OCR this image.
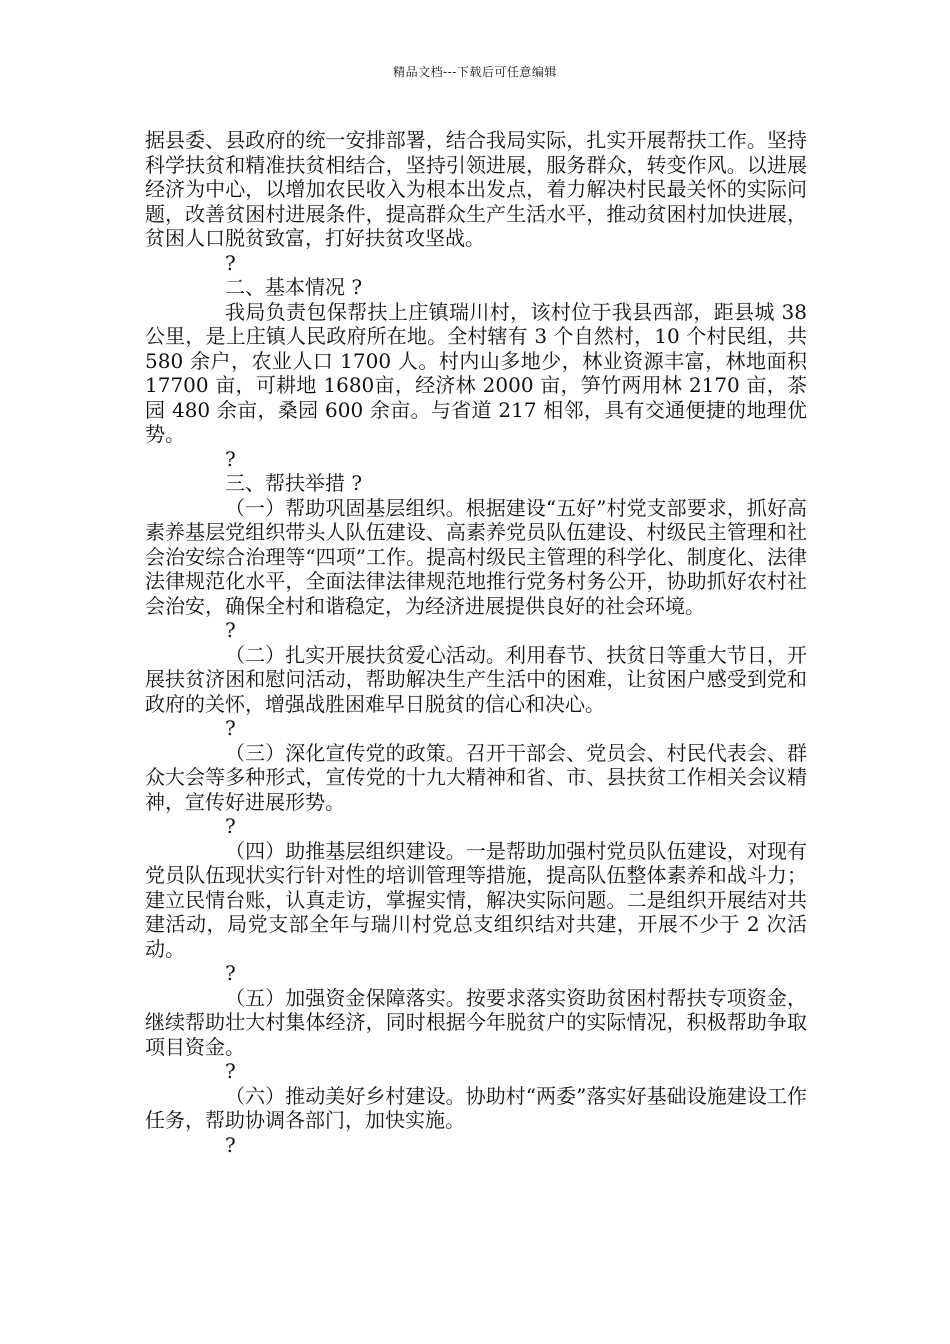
精品文档---下载后可任意编辑

据县委、县政府的统一安排部署，结合我局实际，扎实开展帮扶工作。坚持科学扶贫和精准扶贫相结合，坚持引领进展，服务群众，转变作风。以进展经济为中心，以增加农民收入为根本出发点，着力解决村民最关怀的实际问题，改善贫困村进展条件，提高群众生产生活水平，推动贫困村加快进展，贫困人口脱贫致富，打好扶贫攻坚战。

?

二、基本情况 ?

我局负责包保帮扶上庄镇瑞川村，该村位于我县西部，距县城 38 公里，是上庄镇人民政府所在地。全村辖有 3 个自然村，10 个村民组，共 580 余户，农业人口 1700 人。村内山多地少，林业资源丰富，林地面积 17700 亩，可耕地 1680亩，经济林 2000 亩，笋竹两用林 2170 亩，茶园 480 余亩，桑园 600 余亩。与省道 217 相邻，具有交通便捷的地理优势。

?

三、帮扶举措 ?

（一）帮助巩固基层组织。根据建设“五好”村党支部要求，抓好高素养基层党组织带头人队伍建设、高素养党员队伍建设、村级民主管理和社会治安综合治理等“四项”工作。提高村级民主管理的科学化、制度化、法律法律规范化水平，全面法律法律规范地推行党务村务公开，协助抓好农村社会治安，确保全村和谐稳定，为经济进展提供良好的社会环境。

?

（二）扎实开展扶贫爱心活动。利用春节、扶贫日等重大节日，开展扶贫济困和慰问活动，帮助解决生产生活中的困难，让贫困户感受到党和政府的关怀，增强战胜困难早日脱贫的信心和决心。

?

（三）深化宣传党的政策。召开干部会、党员会、村民代表会、群众大会等多种形式，宣传党的十九大精神和省、市、县扶贫工作相关会议精神，宣传好进展形势。

?

（四）助推基层组织建设。一是帮助加强村党员队伍建设，对现有党员队伍现状实行针对性的培训管理等措施，提高队伍整体素养和战斗力；建立民情台账，认真走访，掌握实情，解决实际问题。二是组织开展结对共建活动，局党支部全年与瑞川村党总支组织结对共建，开展不少于 2 次活动。

?

（五）加强资金保障落实。按要求落实资助贫困村帮扶专项资金，继续帮助壮大村集体经济，同时根据今年脱贫户的实际情况，积极帮助争取项目资金。

?

（六）推动美好乡村建设。协助村“两委”落实好基础设施建设工作任务，帮助协调各部门，加快实施。

?
